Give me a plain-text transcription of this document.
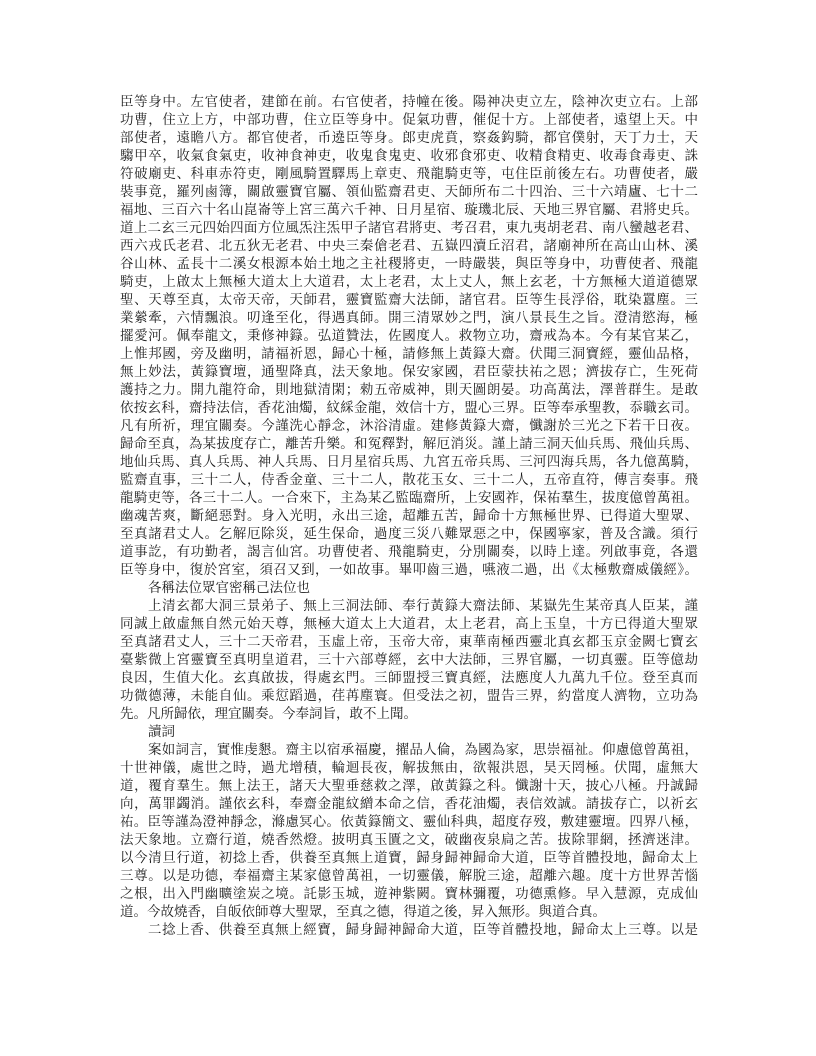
臣等身中。左官使者，建節在前。右官使者，持幢在後。陽神决吏立左，陰神次吏立右。上部
功曹，住立上方，中部功曹，住立臣等身中。促氣功曹，催促十方。上部使者，遠望上天。中
部使者，遠瞻八方。都官使者，币遶臣等身。郎吏虎賁，察姦鈎騎，都官僕射，天丁力士，天
騶甲卒，收氣食氣吏，收神食神吏，收鬼食鬼吏、收邪食邪吏、收精食精吏、收毒食毒吏、誅
符破廟吏、科車赤符吏，剛風騎置驛馬上章吏、飛龍騎吏等，屯住臣前後左右。功曹使者，嚴
裝事竟，羅列鹵簿，關啟靈寶官屬、領仙監齋君吏、天師所布二十四治、三十六靖廬、七十二
福地、三百六十名山崑崙等上宮三萬六千神、日月星宿、璇璣北辰、天地三界官屬、君將史兵。
道上二玄三元四始四面方位風炁注炁甲子諸官君將吏、考召君，東九夷胡老君、南八蠻越老君、
西六戎氏老君、北五狄无老君、中央三秦傖老君、五嶽四瀆丘沼君，諸廟神所在高山山林、溪
谷山林、孟長十二溪女根源本始土地之主社稷將吏，一時嚴裝，與臣等身中，功曹使者、飛龍
騎吏，上啟太上無極大道太上大道君，太上老君，太上丈人，無上玄老，十方無極大道道德眾
聖、天尊至真，太帝天帝，天師君，靈寶監齋大法師，諸官君。臣等生長浮俗，耽染囂塵。三
業縈牽，六情飄浪。叨逢至化，得遇真師。開三清眾妙之門，演八景長生之旨。澄清慾海，極
擺愛河。佩奉龍文，秉修神籙。弘道贊法，佐國度人。救物立功，齋戒為本。今有某官某乙，
上惟邦國，旁及幽明，請福祈恩，歸心十極，請修無上黃籙大齋。伏聞三洞寶經，靈仙品格，
無上妙法，黃籙寶壇，通聖降真，法天象地。保安家國，君臣蒙扶祐之恩；濟拔存亡，生死荷
護持之力。開九龍符命，則地獄清閑；勑五帝威神，則天圖朗晏。功高萬法，澤普群生。是敢
依按玄科，齋持法信，香花油燭，紋綵金龍，效信十方，盟心三界。臣等奉承聖教，忝職玄司。
凡有所祈，理宜關奏。今謹洗心靜念，沐浴清虛。建修黃籙大齋，懺謝於三光之下若干日夜。
歸命至真，為某拔度存亡，離苦升樂。和冤釋對，解厄消災。謹上請三洞天仙兵馬、飛仙兵馬、
地仙兵馬、真人兵馬、神人兵馬、日月星宿兵馬、九宮五帝兵馬、三河四海兵馬，各九億萬騎，
監齋直事，三十二人，侍香金童、三十二人，散花玉女、三十二人，五帝直符，傳言奏事。飛
龍騎吏等，各三十二人。一合來下，主為某乙監臨齋所，上安國祚，保祐羣生，拔度億曾萬祖。
幽魂苦爽，斷絕惡對。身入光明，永出三途，超離五苦，歸命十方無極世界、已得道大聖眾、
至真諸君丈人。乞解厄除災，延生保命，過度三災八難眾惡之中，保國寧家，普及含識。須行
道事訖，有功勤者，謁言仙宮。功曹使者、飛龍騎吏，分別關奏，以時上達。列啟事竟，各還
臣等身中，復於宮室，須召又到，一如故事。畢叩齒三過，嚥液二過，出《太極敷齋威儀經》。
各稱法位眾官密稱己法位也
上清玄都大洞三景弟子、無上三洞法師、奉行黃籙大齋法師、某嶽先生某帝真人臣某，謹
同誠上啟虛無自然元始天尊，無極大道太上大道君，太上老君，高上玉皇，十方已得道大聖眾
至真諸君丈人，三十二天帝君，玉虛上帝，玉帝大帝，東華南極西靈北真玄都玉京金闕七寶玄
臺紫微上宮靈寶至真明皇道君，三十六部尊經，玄中大法師，三界官屬，一切真靈。臣等億劫
良因，生值大化。玄真啟拔，得處玄門。三師盟授三寶真經，法應度人九萬九千位。登至真而
功微德薄，未能自仙。乘愆蹈過，荏苒塵寰。但受法之初，盟告三界，約當度人濟物，立功為
先。凡所歸依，理宜關奏。今奉詞旨，敢不上聞。
讀詞
案如詞言，實惟虔懇。齋主以宿承福慶，擢品人倫，為國為家，思崇福祉。仰慮億曾萬祖，
十世神儀，處世之時，過尤增積，輪迴長夜，解拔無由，欲報洪恩，昊天罔極。伏聞，虛無大
道，覆育羣生。無上法王，諸天大聖垂慈救之澤，啟黃籙之科。懺謝十天，披心八極。丹誠歸
向，萬罪蠲消。謹依玄科，奉齋金龍紋繒本命之信，香花油燭，表信效誠。請拔存亡，以祈玄
祐。臣等謹為澄神靜念，滌慮冥心。依黃籙簡文、靈仙科典，超度存歿，敷建靈壇。四界八極，
法天象地。立齋行道，燒香然燈。披明真玉匱之文，破幽夜泉扃之苦。拔除罪網，拯濟迷津。
以今清旦行道，初捻上香，供養至真無上道寶，歸身歸神歸命大道，臣等首體投地，歸命太上
三尊。以是功德，奉福齋主某家億曾萬祖，一切靈儀，解脫三途，超離六趣。度十方世界苦惱
之根，出入門幽曠塗炭之境。託影玉城，遊神紫闕。寶林彌覆，功德熏修。早入慧源，克成仙
道。今故燒香，自皈依師尊大聖眾，至真之德，得道之後，昇入無形。與道合真。
二捻上香、供養至真無上經寶，歸身歸神歸命大道，臣等首體投地，歸命太上三尊。以是
